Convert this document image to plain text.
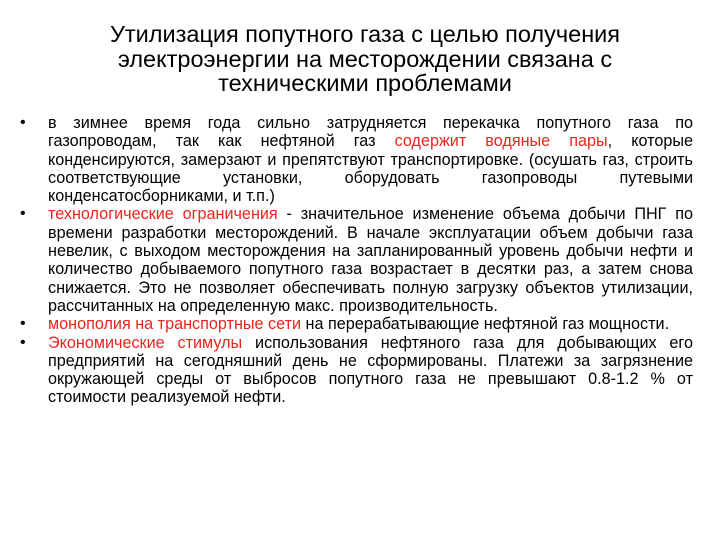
Утилизация попутного газа с целью получения
электроэнергии на месторождении связана с
техническими проблемами
•	в зимнее время года сильно затрудняется перекачка попутного газа по газопроводам, так как нефтяной газ содержит водяные пары, которые конденсируются, замерзают и препятствуют транспортировке. (осушать газ, строить соответствующие установки, оборудовать газопроводы путевыми конденсатосборниками, и т.п.)
•	технологические ограничения - значительное изменение объема добычи ПНГ по времени разработки месторождений. В начале эксплуатации объем добычи газа невелик, с выходом месторождения на запланированный уровень добычи нефти и количество добываемого попутного газа возрастает в десятки раз, а затем снова снижается. Это не позволяет обеспечивать полную загрузку объектов утилизации, рассчитанных на определенную макс. производительность.
•	монополия на транспортные сети на перерабатывающие нефтяной газ мощности.
•	Экономические стимулы использования нефтяного газа для добывающих его предприятий на сегодняшний день не сформированы. Платежи за загрязнение окружающей среды от выбросов попутного газа не превышают 0.8-1.2 % от стоимости реализуемой нефти.
